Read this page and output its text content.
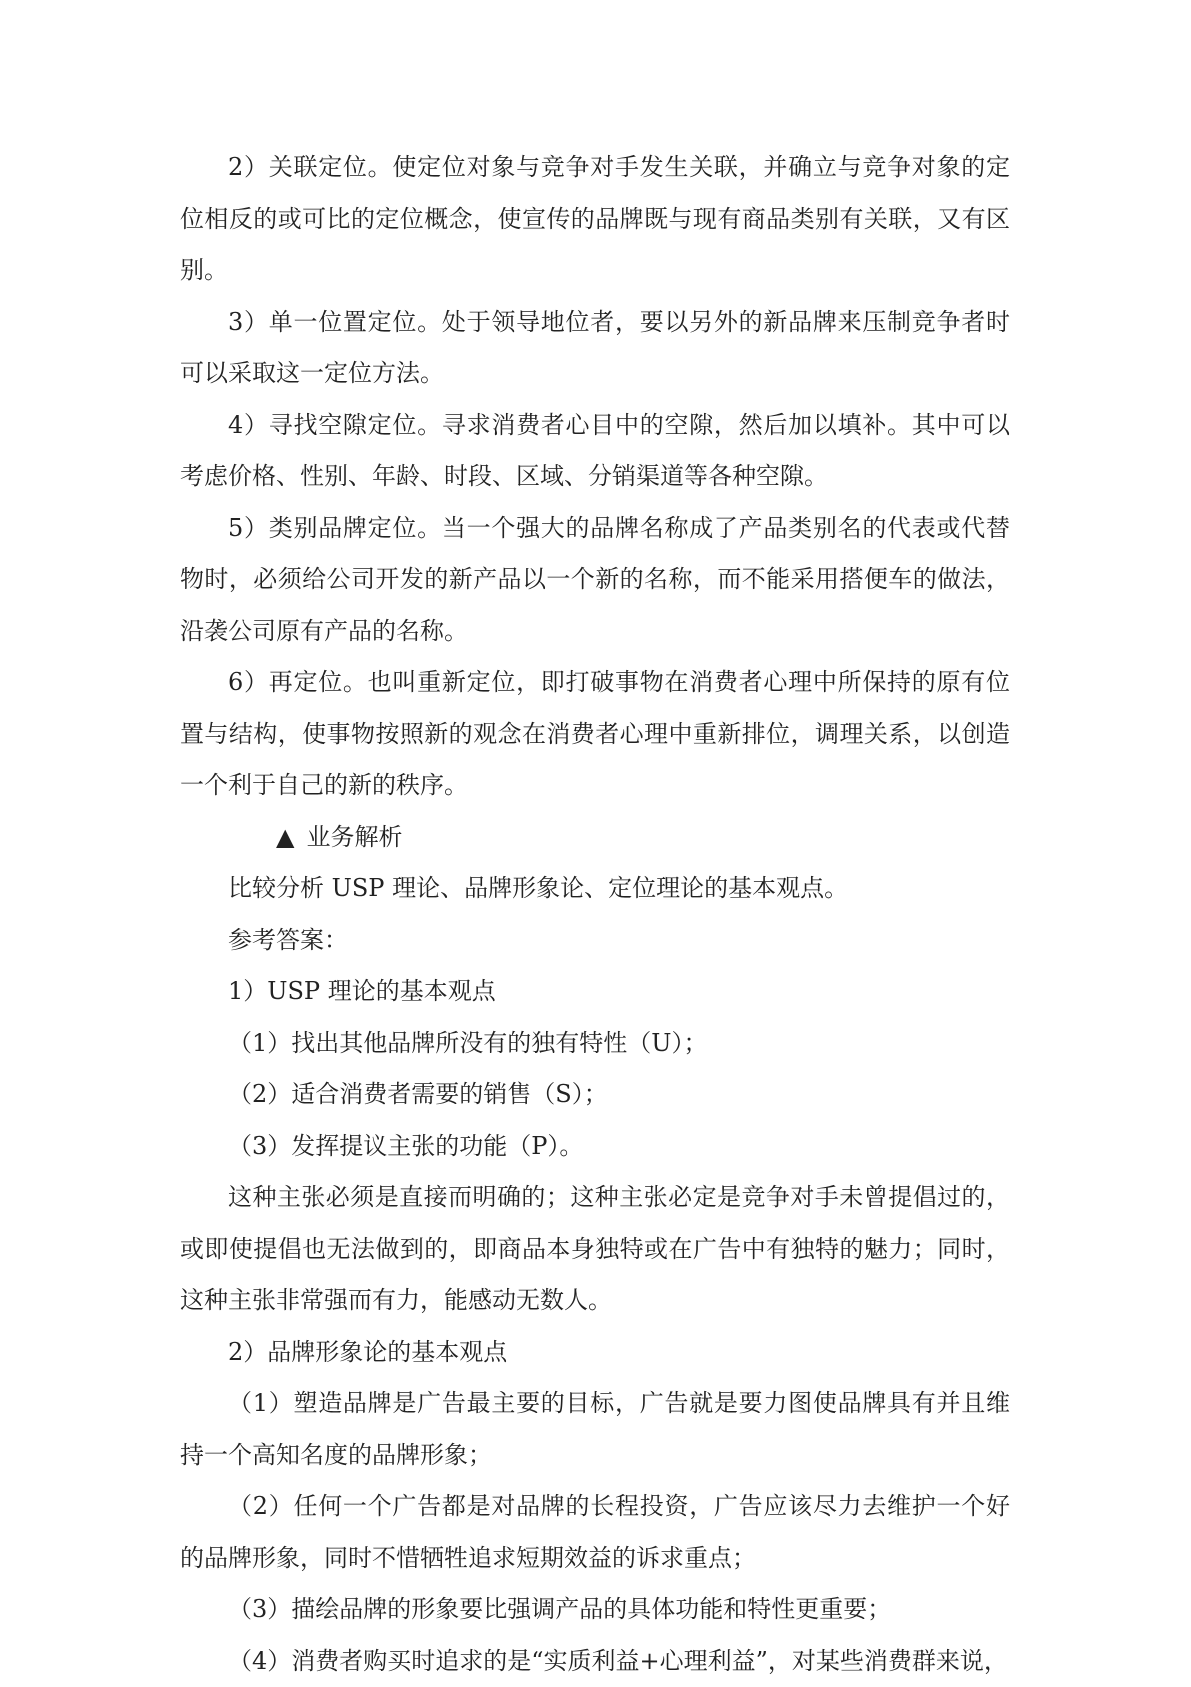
2）关联定位。使定位对象与竞争对手发生关联，并确立与竞争对象的定位相反的或可比的定位概念，使宣传的品牌既与现有商品类别有关联，又有区别。

3）单一位置定位。处于领导地位者，要以另外的新品牌来压制竞争者时可以采取这一定位方法。

4）寻找空隙定位。寻求消费者心目中的空隙，然后加以填补。其中可以考虑价格、性别、年龄、时段、区域、分销渠道等各种空隙。

5）类别品牌定位。当一个强大的品牌名称成了产品类别名的代表或代替物时，必须给公司开发的新产品以一个新的名称，而不能采用搭便车的做法，沿袭公司原有产品的名称。

6）再定位。也叫重新定位，即打破事物在消费者心理中所保持的原有位置与结构，使事物按照新的观念在消费者心理中重新排位，调理关系，以创造一个利于自己的新的秩序。

▲ 业务解析

比较分析 USP 理论、品牌形象论、定位理论的基本观点。

参考答案：

1）USP 理论的基本观点

（1）找出其他品牌所没有的独有特性（U）；

（2）适合消费者需要的销售（S）；

（3）发挥提议主张的功能（P）。

这种主张必须是直接而明确的；这种主张必定是竞争对手未曾提倡过的，或即使提倡也无法做到的，即商品本身独特或在广告中有独特的魅力；同时，这种主张非常强而有力，能感动无数人。

2）品牌形象论的基本观点

（1）塑造品牌是广告最主要的目标，广告就是要力图使品牌具有并且维持一个高知名度的品牌形象；

（2）任何一个广告都是对品牌的长程投资，广告应该尽力去维护一个好的品牌形象，同时不惜牺牲追求短期效益的诉求重点；

（3）描绘品牌的形象要比强调产品的具体功能和特性更重要；

（4）消费者购买时追求的是“实质利益+心理利益”，对某些消费群来说，
